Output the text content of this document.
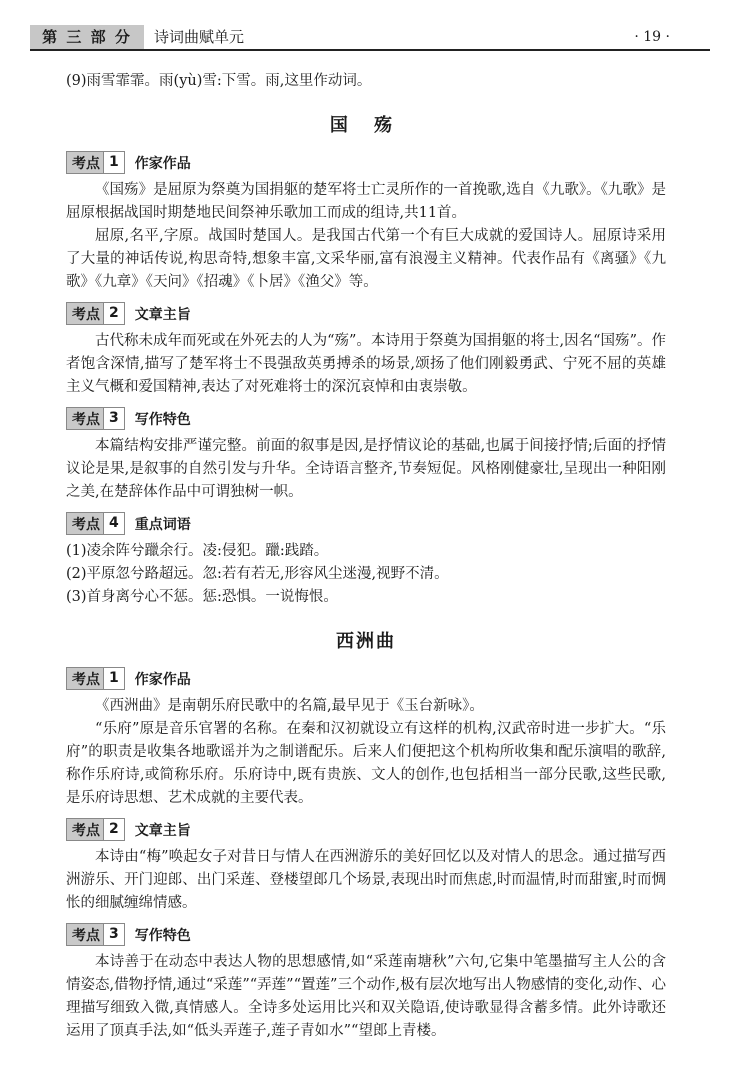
第 三 部 分	诗词曲赋单元	· 19 ·

(9)雨雪霏霏。雨(yù)雪:下雪。雨,这里作动词。

国 殇
考点 1	作家作品

《国殇》是屈原为祭奠为国捐躯的楚军将士亡灵所作的一首挽歌,选自《九歌》。《九歌》是屈原根据战国时期楚地民间祭神乐歌加工而成的组诗,共11首。

屈原,名平,字原。战国时楚国人。是我国古代第一个有巨大成就的爱国诗人。屈原诗采用了大量的神话传说,构思奇特,想象丰富,文采华丽,富有浪漫主义精神。代表作品有《离骚》《九歌》《九章》《天问》《招魂》《卜居》《渔父》等。

考点 2	文章主旨

古代称未成年而死或在外死去的人为“殇”。本诗用于祭奠为国捐躯的将士,因名“国殇”。作者饱含深情,描写了楚军将士不畏强敌英勇搏杀的场景,颂扬了他们刚毅勇武、宁死不屈的英雄主义气概和爱国精神,表达了对死难将士的深沉哀悼和由衷崇敬。

考点 3	写作特色

本篇结构安排严谨完整。前面的叙事是因,是抒情议论的基础,也属于间接抒情;后面的抒情议论是果,是叙事的自然引发与升华。全诗语言整齐,节奏短促。风格刚健豪壮,呈现出一种阳刚之美,在楚辞体作品中可谓独树一帜。

考点 4	重点词语

(1)凌余阵兮躐余行。凌:侵犯。躐:践踏。

(2)平原忽兮路超远。忽:若有若无,形容风尘迷漫,视野不清。

(3)首身离兮心不惩。惩:恐惧。一说悔恨。

西洲曲
考点 1	作家作品

《西洲曲》是南朝乐府民歌中的名篇,最早见于《玉台新咏》。

“乐府”原是音乐官署的名称。在秦和汉初就设立有这样的机构,汉武帝时进一步扩大。“乐府”的职责是收集各地歌谣并为之制谱配乐。后来人们便把这个机构所收集和配乐演唱的歌辞,称作乐府诗,或简称乐府。乐府诗中,既有贵族、文人的创作,也包括相当一部分民歌,这些民歌,是乐府诗思想、艺术成就的主要代表。

考点 2	文章主旨

本诗由“梅”唤起女子对昔日与情人在西洲游乐的美好回忆以及对情人的思念。通过描写西洲游乐、开门迎郎、出门采莲、登楼望郎几个场景,表现出时而焦虑,时而温情,时而甜蜜,时而惆怅的细腻缠绵情感。

考点 3	写作特色

本诗善于在动态中表达人物的思想感情,如“采莲南塘秋”六句,它集中笔墨描写主人公的含情姿态,借物抒情,通过“采莲”“弄莲”“置莲”三个动作,极有层次地写出人物感情的变化,动作、心理描写细致入微,真情感人。全诗多处运用比兴和双关隐语,使诗歌显得含蓄多情。此外诗歌还运用了顶真手法,如“低头弄莲子,莲子青如水”“望郎上青楼。
